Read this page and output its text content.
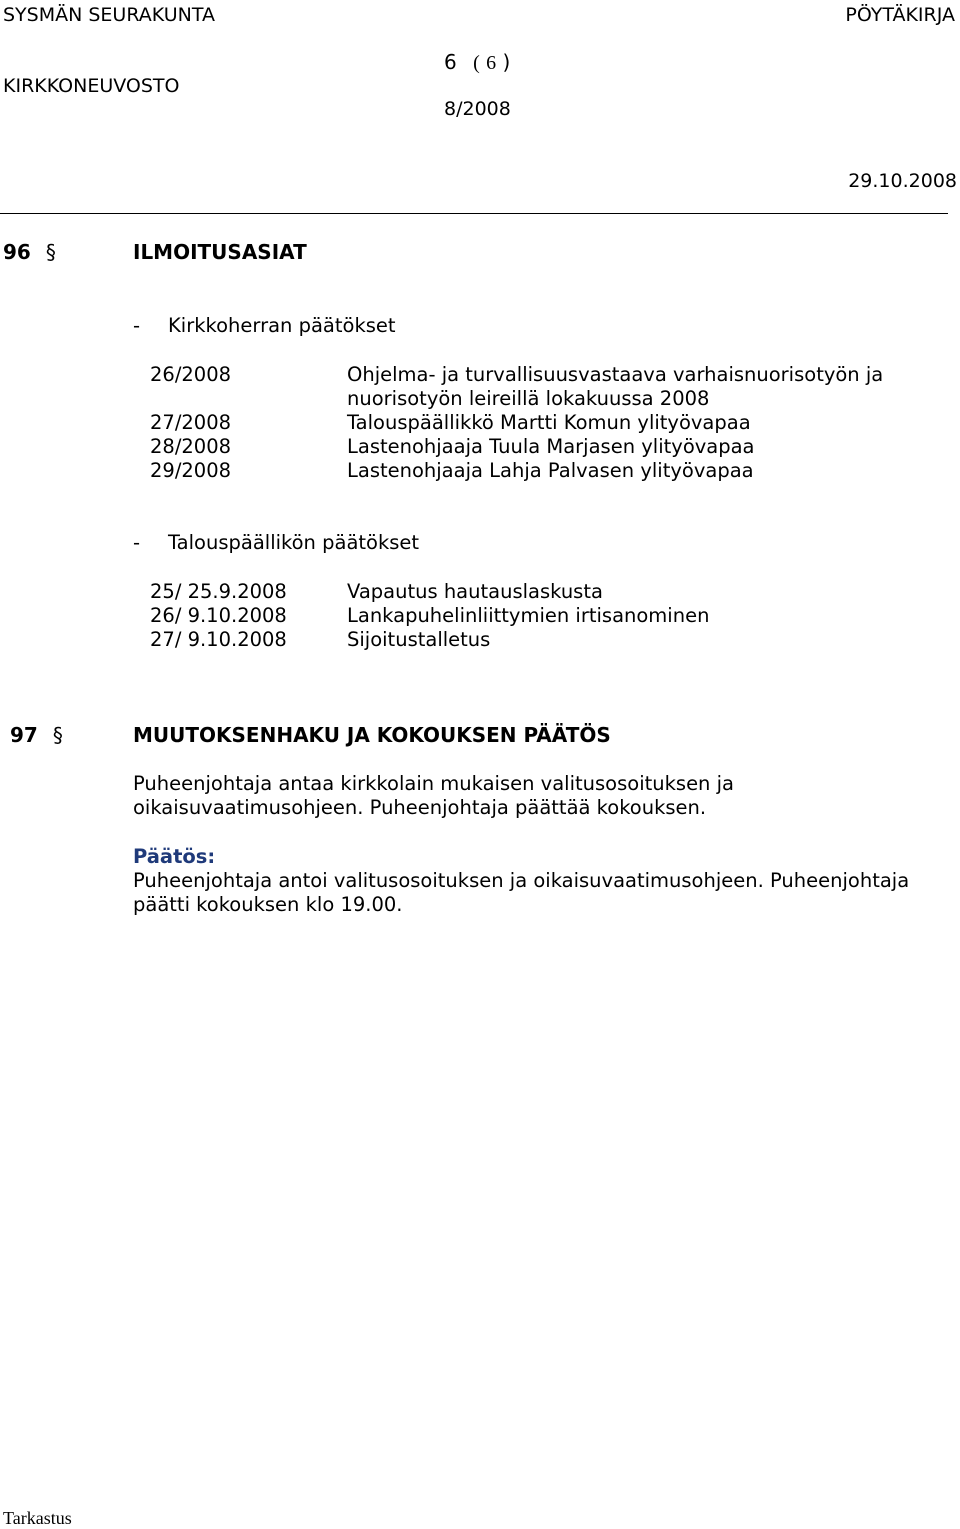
SYSMÄN SEURAKUNTA	PÖYTÄKIRJA
6 ( 6 )
KIRKKONEUVOSTO
8/2008
29.10.2008
96 §	ILMOITUSASIAT
- Kirkkoherran päätökset
26/2008	Ohjelma- ja turvallisuusvastaava varhaisnuorisotyön ja
nuorisotyön leireillä lokakuussa 2008
27/2008	Talouspäällikkö Martti Komun ylityövapaa
28/2008	Lastenohjaaja Tuula Marjasen ylityövapaa
29/2008	Lastenohjaaja Lahja Palvasen ylityövapaa
- Talouspäällikön päätökset
25/ 25.9.2008	Vapautus hautauslaskusta
26/ 9.10.2008	Lankapuhelinliittymien irtisanominen
27/ 9.10.2008	Sijoitustalletus
97 §	MUUTOKSENHAKU JA KOKOUKSEN PÄÄTÖS
Puheenjohtaja antaa kirkkolain mukaisen valitusosoituksen ja
oikaisuvaatimusohjeen. Puheenjohtaja päättää kokouksen.
Päätös:
Puheenjohtaja antoi valitusosoituksen ja oikaisuvaatimusohjeen. Puheenjohtaja
päätti kokouksen klo 19.00.
Tarkastus
